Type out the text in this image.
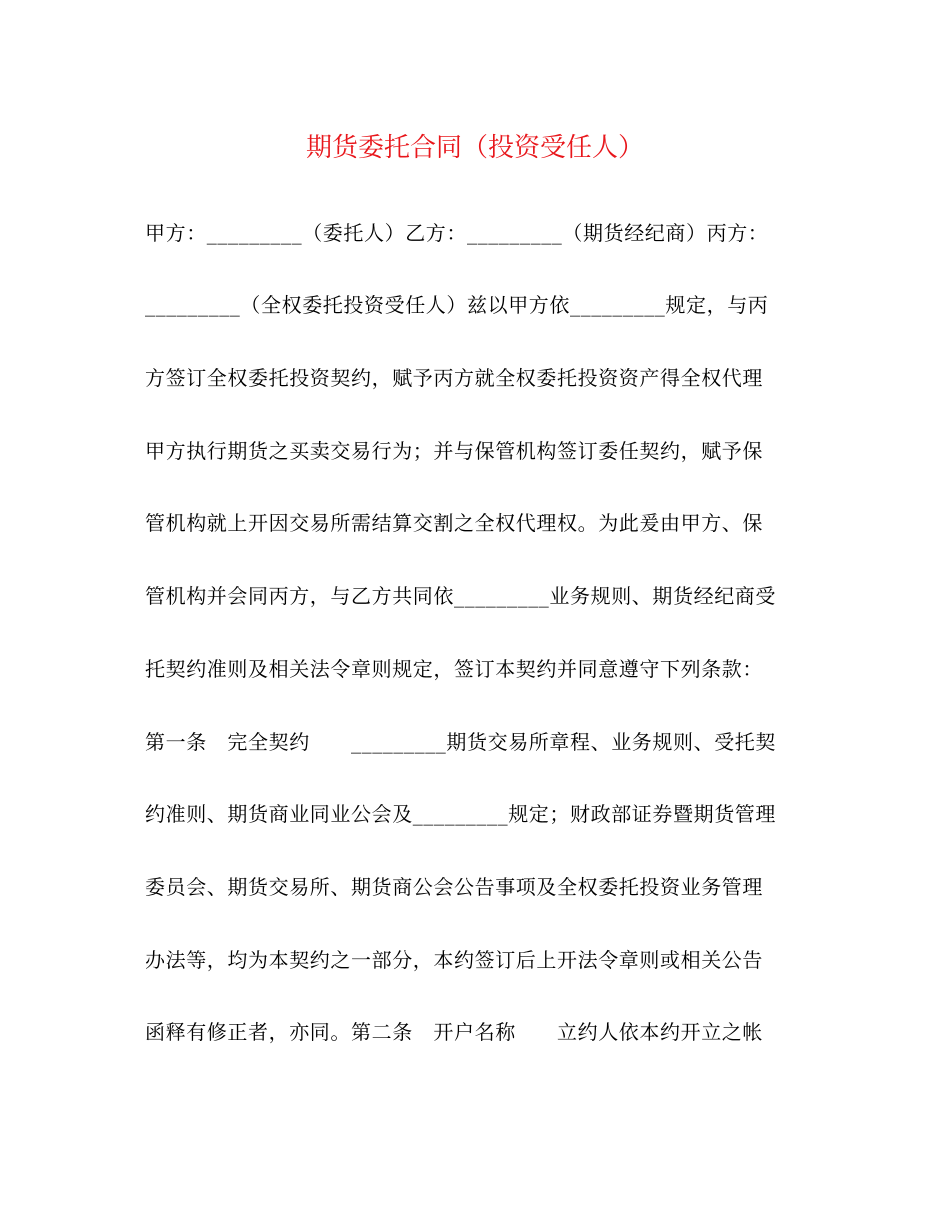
期货委托合同（投资受任人）
甲方：_________（委托人）乙方：_________（期货经纪商）丙方：
_________（全权委托投资受任人）兹以甲方依_________规定，与丙
方签订全权委托投资契约，赋予丙方就全权委托投资资产得全权代理
甲方执行期货之买卖交易行为；并与保管机构签订委任契约，赋予保
管机构就上开因交易所需结算交割之全权代理权。为此爰由甲方、保
管机构并会同丙方，与乙方共同依_________业务规则、期货经纪商受
托契约准则及相关法令章则规定，签订本契约并同意遵守下列条款：
第一条　完全契约　　_________期货交易所章程、业务规则、受托契
约准则、期货商业同业公会及_________规定；财政部证券暨期货管理
委员会、期货交易所、期货商公会公告事项及全权委托投资业务管理
办法等，均为本契约之一部分，本约签订后上开法令章则或相关公告
函释有修正者，亦同。第二条　开户名称　　立约人依本约开立之帐
